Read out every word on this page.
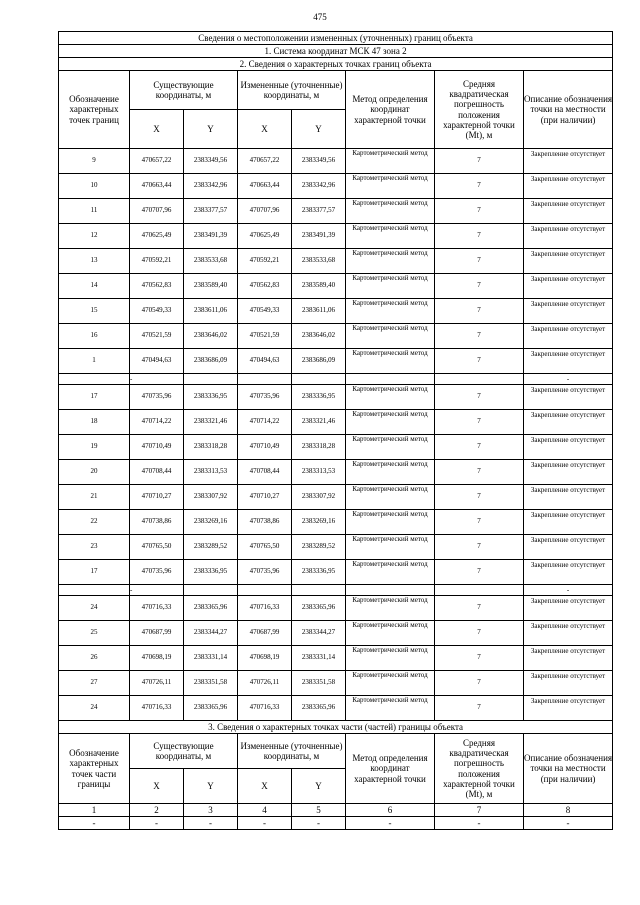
475
Сведения о местоположении измененных (уточненных) границ объекта							
1. Система координат МСК 47 зона 2							
2. Сведения о характерных точках границ объекта							
Обозначение характерных точек границ	Существующие координаты, м		Измененные (уточненные) координаты, м		Метод определения координат характерной точки	Средняя квадратическая погрешность положения характерной точки (Mt), м	Описание обозначения точки на местности (при наличии)
	X	Y	X	Y			
9	470657,22	2383349,56	470657,22	2383349,56	Картометрический метод	7	Закрепление отсутствует
10	470663,44	2383342,96	470663,44	2383342,96	Картометрический метод	7	Закрепление отсутствует
11	470707,96	2383377,57	470707,96	2383377,57	Картометрический метод	7	Закрепление отсутствует
12	470625,49	2383491,39	470625,49	2383491,39	Картометрический метод	7	Закрепление отсутствует
13	470592,21	2383533,68	470592,21	2383533,68	Картометрический метод	7	Закрепление отсутствует
14	470562,83	2383589,40	470562,83	2383589,40	Картометрический метод	7	Закрепление отсутствует
15	470549,33	2383611,06	470549,33	2383611,06	Картометрический метод	7	Закрепление отсутствует
16	470521,59	2383646,02	470521,59	2383646,02	Картометрический метод	7	Закрепление отсутствует
1	470494,63	2383686,09	470494,63	2383686,09	Картометрический метод	7	Закрепление отсутствует
	-						-
17	470735,96	2383336,95	470735,96	2383336,95	Картометрический метод	7	Закрепление отсутствует
18	470714,22	2383321,46	470714,22	2383321,46	Картометрический метод	7	Закрепление отсутствует
19	470710,49	2383318,28	470710,49	2383318,28	Картометрический метод	7	Закрепление отсутствует
20	470708,44	2383313,53	470708,44	2383313,53	Картометрический метод	7	Закрепление отсутствует
21	470710,27	2383307,92	470710,27	2383307,92	Картометрический метод	7	Закрепление отсутствует
22	470738,86	2383269,16	470738,86	2383269,16	Картометрический метод	7	Закрепление отсутствует
23	470765,50	2383289,52	470765,50	2383289,52	Картометрический метод	7	Закрепление отсутствует
17	470735,96	2383336,95	470735,96	2383336,95	Картометрический метод	7	Закрепление отсутствует
	-						-
24	470716,33	2383365,96	470716,33	2383365,96	Картометрический метод	7	Закрепление отсутствует
25	470687,99	2383344,27	470687,99	2383344,27	Картометрический метод	7	Закрепление отсутствует
26	470698,19	2383331,14	470698,19	2383331,14	Картометрический метод	7	Закрепление отсутствует
27	470726,11	2383351,58	470726,11	2383351,58	Картометрический метод	7	Закрепление отсутствует
24	470716,33	2383365,96	470716,33	2383365,96	Картометрический метод	7	Закрепление отсутствует
3. Сведения о характерных точках части (частей) границы объекта							
Обозначение характерных точек части границы	Существующие координаты, м		Измененные (уточненные) координаты, м		Метод определения координат характерной точки	Средняя квадратическая погрешность положения характерной точки (Mt), м	Описание обозначения точки на местности (при наличии)
	X	Y	X	Y			
1	2	3	4	5	6	7	8
-	-	-	-	-	-	-	-
